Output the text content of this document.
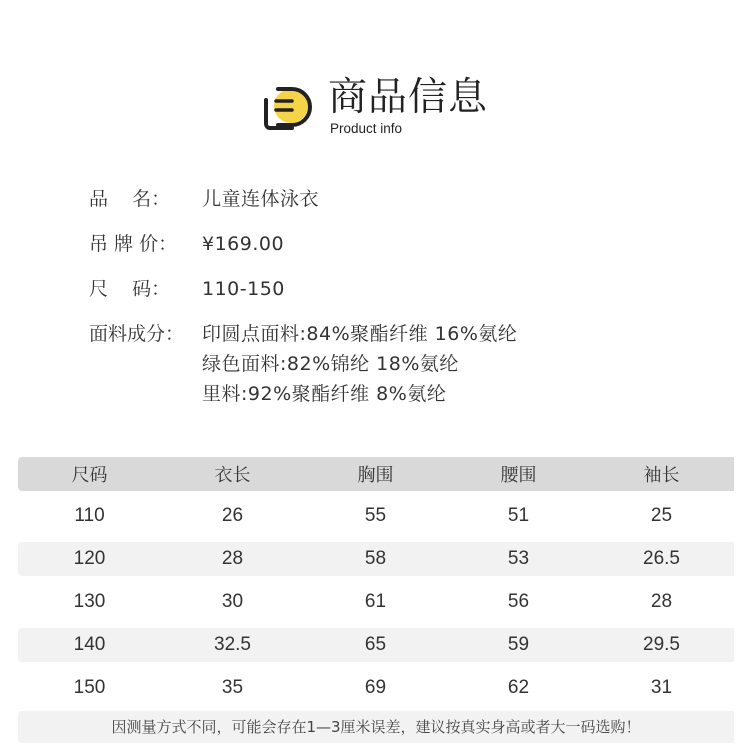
商品信息
Product info
品    名：	儿童连体泳衣
吊 牌 价：	¥169.00
尺    码：	110-150
面料成分： 印圆点面料:84%聚酯纤维 16%氨纶
绿色面料:82%锦纶 18%氨纶
里料:92%聚酯纤维 8%氨纶
尺码	衣长	胸围	腰围	袖长
110	26	55	51	25
120	28	58	53	26.5
130	30	61	56	28
140	32.5	65	59	29.5
150	35	69	62	31
因测量方式不同，可能会存在1—3厘米误差，建议按真实身高或者大一码选购！
